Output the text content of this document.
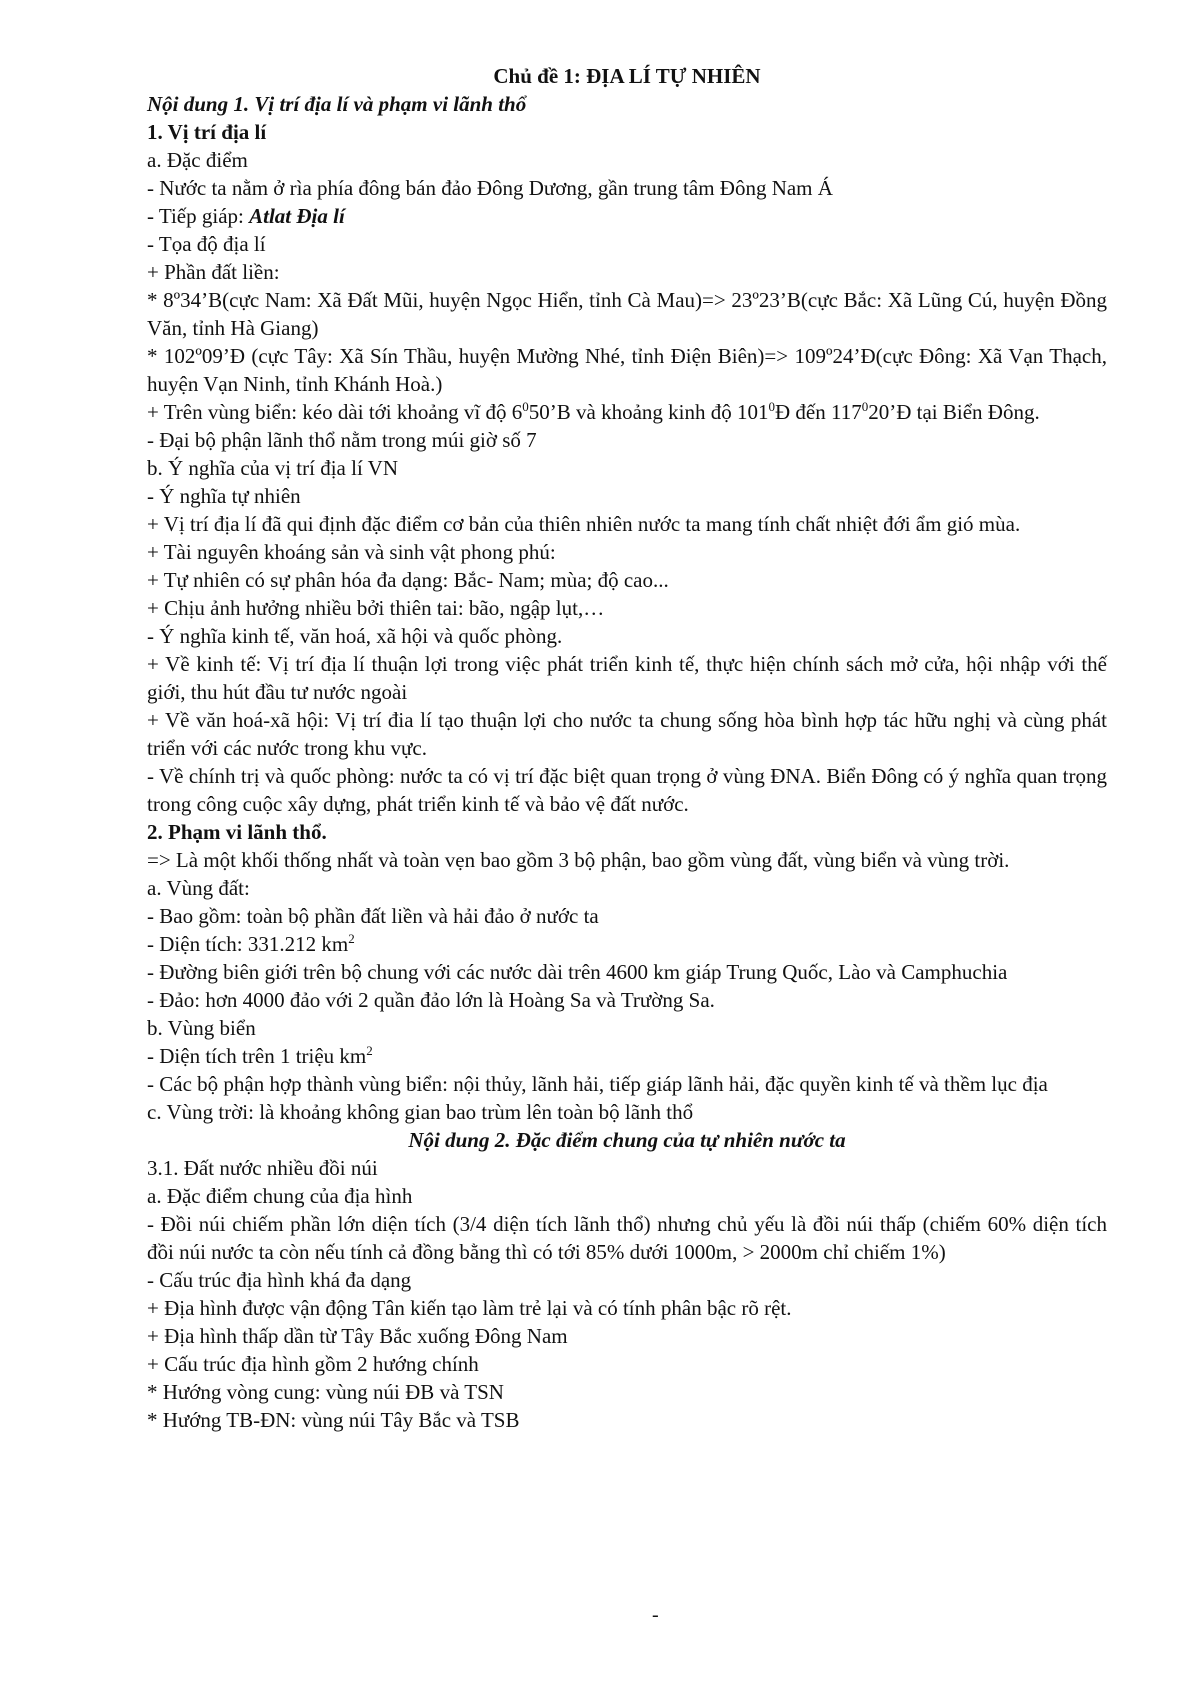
Chủ đề 1: ĐỊA LÍ TỰ NHIÊN

Nội dung 1. Vị trí địa lí và phạm vi lãnh thổ

1. Vị trí địa lí

a. Đặc điểm

- Nước ta nằm ở rìa phía đông bán đảo Đông Dương, gần trung tâm Đông Nam Á

- Tiếp giáp: Atlat Địa lí

- Tọa độ địa lí

+ Phần đất liền:

* 8º34’B(cực Nam: Xã Đất Mũi, huyện Ngọc Hiển, tỉnh Cà Mau)=> 23º23’B(cực Bắc: Xã Lũng Cú, huyện Đồng Văn, tỉnh Hà Giang)

* 102º09’Đ (cực Tây: Xã Sín Thầu, huyện Mường Nhé, tỉnh Điện Biên)=> 109º24’Đ(cực Đông: Xã Vạn Thạch, huyện Vạn Ninh, tỉnh Khánh Hoà.)

+ Trên vùng biển: kéo dài tới khoảng vĩ độ $6^050’B$ và khoảng kinh độ $101^0Đ$ đến $117^020’Đ$ tại Biển Đông.

- Đại bộ phận lãnh thổ nằm trong múi giờ số 7

b. Ý nghĩa của vị trí địa lí VN

- Ý nghĩa tự nhiên

+ Vị trí địa lí đã qui định đặc điểm cơ bản của thiên nhiên nước ta mang tính chất nhiệt đới ẩm gió mùa.

+ Tài nguyên khoáng sản và sinh vật phong phú:

+ Tự nhiên có sự phân hóa đa dạng: Bắc- Nam; mùa; độ cao...

+ Chịu ảnh hưởng nhiều bởi thiên tai: bão, ngập lụt,…

- Ý nghĩa kinh tế, văn hoá, xã hội và quốc phòng.

+ Về kinh tế: Vị trí địa lí thuận lợi trong việc phát triển kinh tế, thực hiện chính sách mở cửa, hội nhập với thế giới, thu hút đầu tư nước ngoài

+ Về văn hoá-xã hội: Vị trí đia lí tạo thuận lợi cho nước ta chung sống hòa bình hợp tác hữu nghị và cùng phát triển với các nước trong khu vực.

- Về chính trị và quốc phòng: nước ta có vị trí đặc biệt quan trọng ở vùng ĐNA. Biển Đông có ý nghĩa quan trọng trong công cuộc xây dựng, phát triển kinh tế và bảo vệ đất nước.

2. Phạm vi lãnh thổ.

=> Là một khối thống nhất và toàn vẹn bao gồm 3 bộ phận, bao gồm vùng đất, vùng biển và vùng trời.

a. Vùng đất:

- Bao gồm: toàn bộ phần đất liền và hải đảo ở nước ta

- Diện tích: 331.212 $km^2$

- Đường biên giới trên bộ chung với các nước dài trên 4600 km giáp Trung Quốc, Lào và Camphuchia

- Đảo: hơn 4000 đảo với 2 quần đảo lớn là Hoàng Sa và Trường Sa.

b. Vùng biển

- Diện tích trên 1 triệu $km^2$

- Các bộ phận hợp thành vùng biển: nội thủy, lãnh hải, tiếp giáp lãnh hải, đặc quyền kinh tế và thềm lục địa

c. Vùng trời: là khoảng không gian bao trùm lên toàn bộ lãnh thổ

Nội dung 2. Đặc điểm chung của tự nhiên nước ta

3.1. Đất nước nhiều đồi núi

a. Đặc điểm chung của địa hình

- Đồi núi chiếm phần lớn diện tích (3/4 diện tích lãnh thổ) nhưng chủ yếu là đồi núi thấp (chiếm 60% diện tích đồi núi nước ta còn nếu tính cả đồng bằng thì có tới 85% dưới 1000m, > 2000m chỉ chiếm 1%)

- Cấu trúc địa hình khá đa dạng

+ Địa hình được vận động Tân kiến tạo làm trẻ lại và có tính phân bậc rõ rệt.

+ Địa hình thấp dần từ Tây Bắc xuống Đông Nam

+ Cấu trúc địa hình gồm 2 hướng chính

* Hướng vòng cung: vùng núi ĐB và TSN

* Hướng TB-ĐN: vùng núi Tây Bắc và TSB

-
